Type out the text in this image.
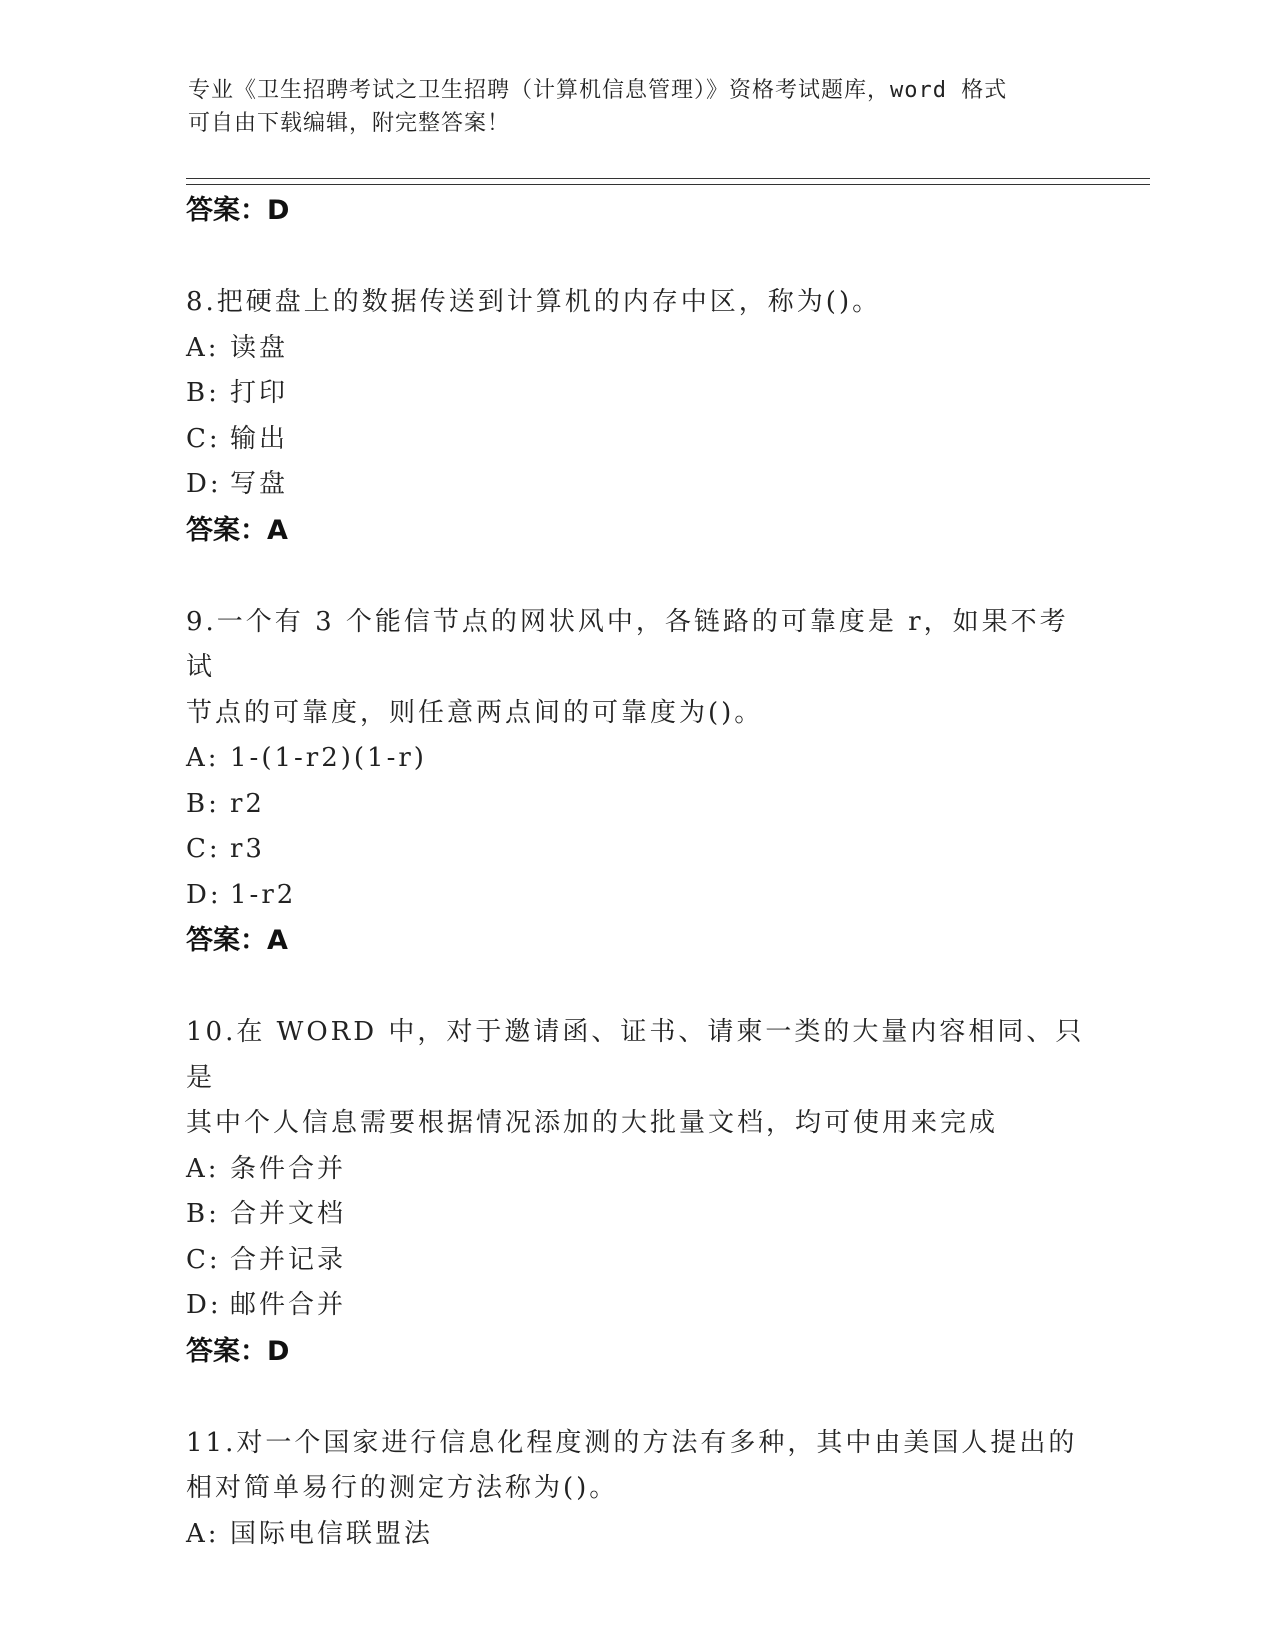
专业《卫生招聘考试之卫生招聘（计算机信息管理）》资格考试题库，word 格式
可自由下载编辑，附完整答案！
答案：D
8.把硬盘上的数据传送到计算机的内存中区，称为()。
A: 读盘
B: 打印
C: 输出
D: 写盘
答案：A
9.一个有 3 个能信节点的网状风中，各链路的可靠度是 r，如果不考试
节点的可靠度，则任意两点间的可靠度为()。
A: 1-(1-r2)(1-r)
B: r2
C: r3
D: 1-r2
答案：A
10.在 WORD 中，对于邀请函、证书、请柬一类的大量内容相同、只是
其中个人信息需要根据情况添加的大批量文档，均可使用来完成
A: 条件合并
B: 合并文档
C: 合并记录
D: 邮件合并
答案：D
11.对一个国家进行信息化程度测的方法有多种，其中由美国人提出的
相对简单易行的测定方法称为()。
A: 国际电信联盟法
